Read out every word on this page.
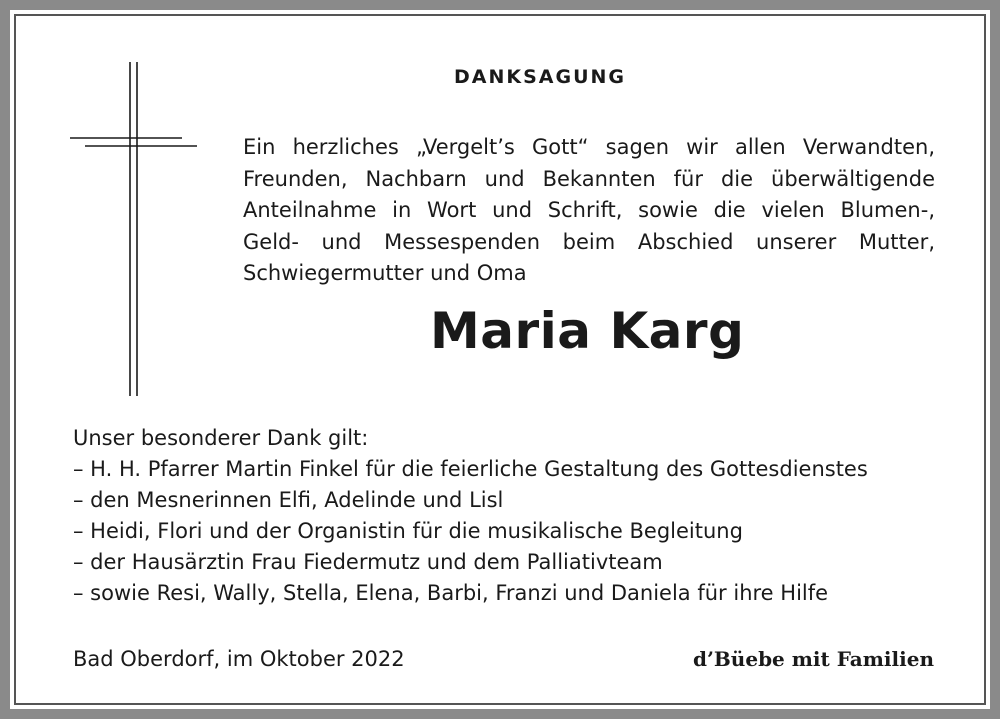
DANKSAGUNG
Ein herzliches „Vergelt’s Gott“ sagen wir allen Verwandten,
Freunden, Nachbarn und Bekannten für die überwältigende
Anteilnahme in Wort und Schrift, sowie die vielen Blumen-,
Geld- und Messespenden beim Abschied unserer Mutter,
Schwiegermutter und Oma
Maria Karg
Unser besonderer Dank gilt:
– H. H. Pfarrer Martin Finkel für die feierliche Gestaltung des Gottesdienstes
– den Mesnerinnen Elfi, Adelinde und Lisl
– Heidi, Flori und der Organistin für die musikalische Begleitung
– der Hausärztin Frau Fiedermutz und dem Palliativteam
– sowie Resi, Wally, Stella, Elena, Barbi, Franzi und Daniela für ihre Hilfe
Bad Oberdorf, im Oktober 2022	d’Büebe mit Familien
